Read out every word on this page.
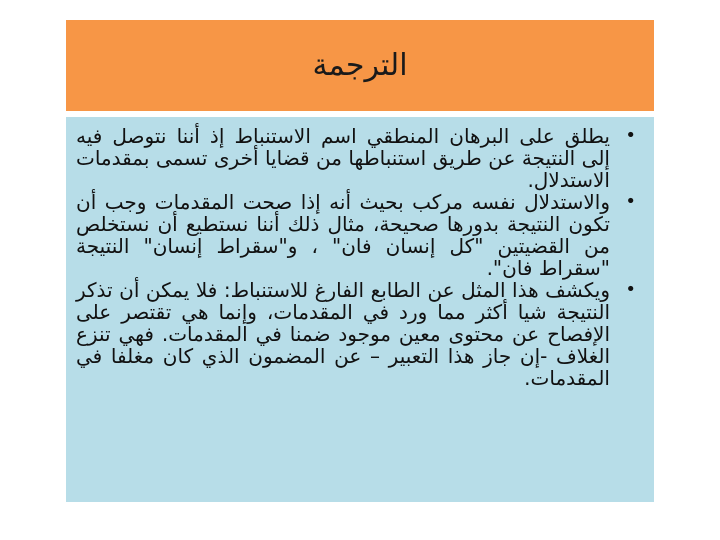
الترجمة
•
يطلق على البرهان المنطقي اسم الاستنباط إذ أننا نتوصل فيه إلى النتيجة عن طريق استنباطها من قضايا أخرى تسمى بمقدمات الاستدلال.
•
والاستدلال نفسه مركب بحيث أنه إذا صحت المقدمات وجب أن تكون النتيجة بدورها صحيحة، مثال ذلك أننا نستطيع أن نستخلص من القضيتين "كل إنسان فان" ، و"سقراط إنسان" النتيجة "سقراط فان".
•
ويكشف هذا المثل عن الطابع الفارغ للاستنباط: فلا يمكن أن تذكر النتيجة شيا أكثر مما ورد في المقدمات، وإنما هي تقتصر على الإفصاح عن محتوى معين موجود ضمنا في المقدمات. فهي تنزع الغلاف -إن جاز هذا التعبير – عن المضمون الذي كان مغلفا في المقدمات.
